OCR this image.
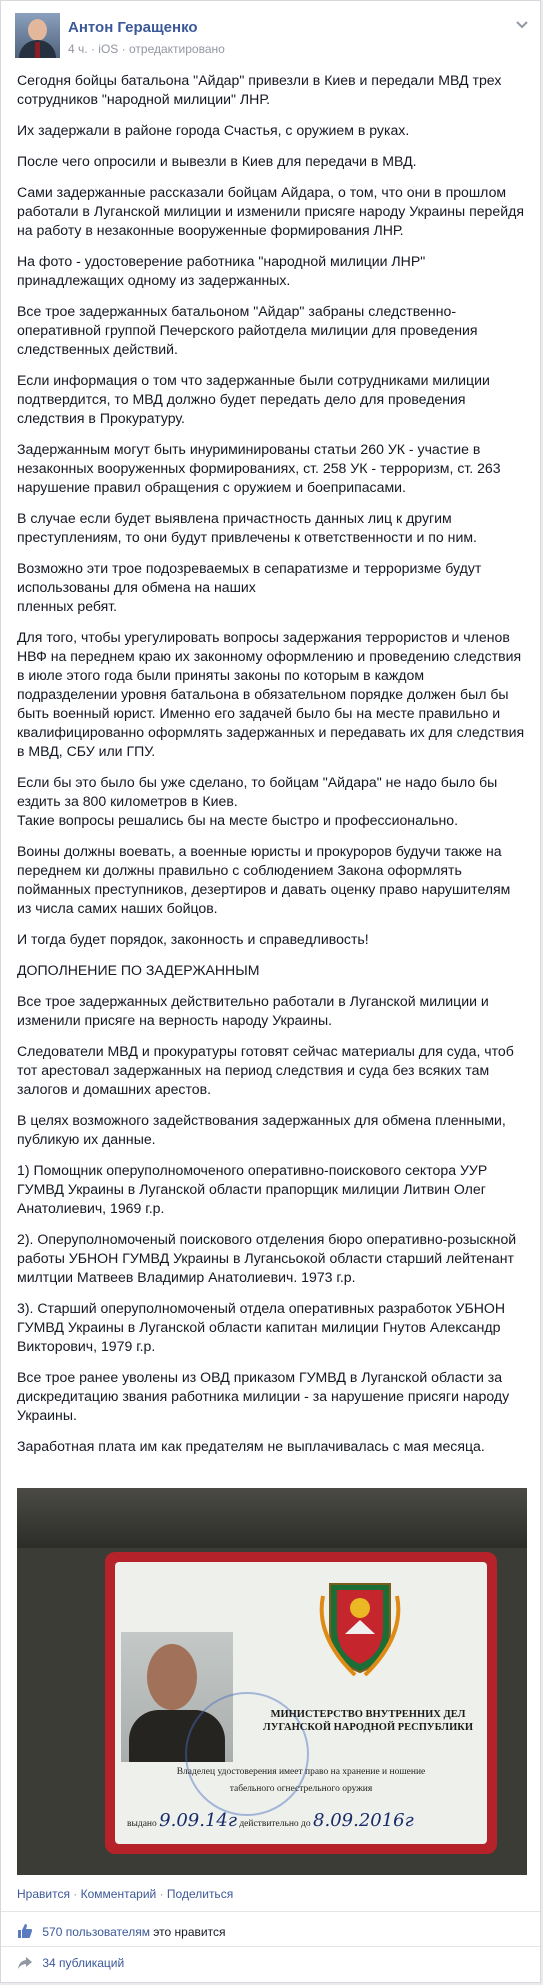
Антон Геращенко
4 ч. · iOS · отредактировано

Сегодня бойцы батальона "Айдар" привезли в Киев и передали МВД трех сотрудников "народной милиции" ЛНР.

Их задержали в районе города Счастья, с оружием в руках.

После чего опросили и вывезли в Киев для передачи в МВД.

Сами задержанные рассказали бойцам Айдара, о том, что они в прошлом работали в Луганской милиции и изменили присяге народу Украины перейдя на работу в незаконные вооруженные формирования ЛНР.

На фото - удостоверение работника "народной милиции ЛНР" принадлежащих одному из задержанных.

Все трое задержанных батальоном "Айдар" забраны следственно-оперативной группой Печерского райотдела милиции для проведения следственных действий.

Если информация о том что задержанные были сотрудниками милиции подтвердится, то МВД должно будет передать дело для проведения следствия в Прокуратуру.

Задержанным могут быть инуриминированы статьи 260 УК - участие в незаконных вооруженных формированиях, ст. 258 УК - терроризм, ст. 263 нарушение правил обращения с оружием и боеприпасами.

В случае если будет выявлена причастность данных лиц к другим преступлениям, то они будут привлечены к ответственности и по ним.

Возможно эти трое подозреваемых в сепаратизме и терроризме будут использованы для обмена на наших
пленных ребят.

Для того, чтобы урегулировать вопросы задержания террористов и членов НВФ на переднем краю их законному оформлению и проведению следствия в июле этого года были приняты законы по которым в каждом подразделении уровня батальона в обязательном порядке должен был бы быть военный юрист. Именно его задачей было бы на месте правильно и квалифицированно оформлять задержанных и передавать их для следствия в МВД, СБУ или ГПУ.

Если бы это было бы уже сделано, то бойцам "Айдара" не надо было бы ездить за 800 километров в Киев.
Такие вопросы решались бы на месте быстро и профессионально.

Воины должны воевать, а военные юристы и прокуроров будучи также на переднем ки должны правильно с соблюдением Закона оформлять пойманных преступников, дезертиров и давать оценку право нарушителям из числа самих наших бойцов.

И тогда будет порядок, законность и справедливость!

ДОПОЛНЕНИЕ ПО ЗАДЕРЖАННЫМ

Все трое задержанных действительно работали в Луганской милиции и изменили присяге на верность народу Украины.

Следователи МВД и прокуратуры готовят сейчас материалы для суда, чтоб тот арестовал задержанных на период следствия и суда без всяких там залогов и домашних арестов.

В целях возможного задействования задержанных для обмена пленными, публикую их данные.

1) Помощник оперуполномоченого оперативно-поискового сектора УУР ГУМВД Украины в Луганской области прапорщик милиции Литвин Олег Анатолиевич, 1969 г.р.

2). Оперуполномоченый поискового отделения бюро оперативно-розыскной работы УБНОН ГУМВД Украины в Лугансьокой области старший лейтенант милтции Матвеев Владимир Анатолиевич. 1973 г.р.

3). Старший оперуполномоченый отдела оперативных разработок УБНОН ГУМВД Украины в Луганской области капитан милиции Гнутов Александр Викторович, 1979 г.р.

Все трое ранее уволены из ОВД приказом ГУМВД в Луганской области за дискредитацию звания работника милиции - за нарушение присяги народу Украины.

Заработная плата им как предателям не выплачивалась с мая месяца.

МИНИСТЕРСТВО ВНУТРЕННИХ ДЕЛ ЛУГАНСКОЙ НАРОДНОЙ РЕСПУБЛИКИ
Владелец удостоверения имеет право на хранение и ношение
табельного огнестрельного оружия
выдано 9.09.14г действительно до 8.09.2016г
Нравится · Комментарий · Поделиться
570 пользователям это нравится
34 публикаций
